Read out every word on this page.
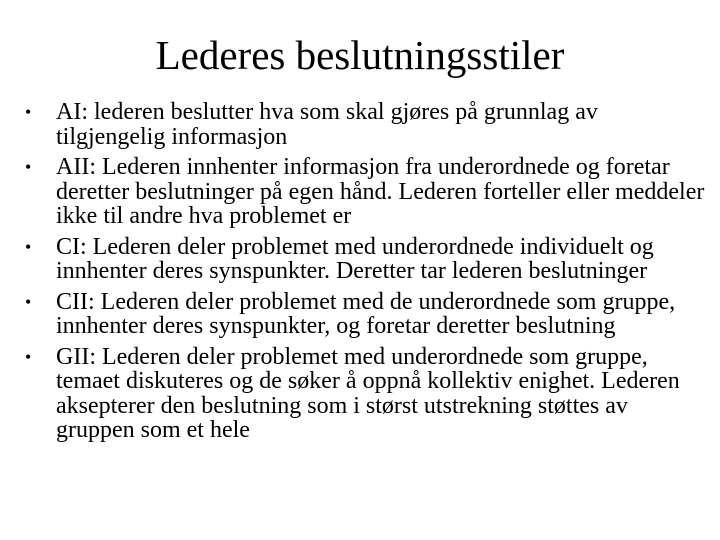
Lederes beslutningsstiler
• AI: lederen beslutter hva som skal gjøres på grunnlag av tilgjengelig informasjon
• AII: Lederen innhenter informasjon fra underordnede og foretar deretter beslutninger på egen hånd. Lederen forteller eller meddeler ikke til andre hva problemet er
• CI: Lederen deler problemet med underordnede individuelt og innhenter deres synspunkter. Deretter tar lederen beslutninger
• CII: Lederen deler problemet med de underordnede som gruppe, innhenter deres synspunkter, og foretar deretter beslutning
• GII: Lederen deler problemet med underordnede som gruppe, temaet diskuteres og de søker å oppnå kollektiv enighet. Lederen aksepterer den beslutning som i størst utstrekning støttes av gruppen som et hele
